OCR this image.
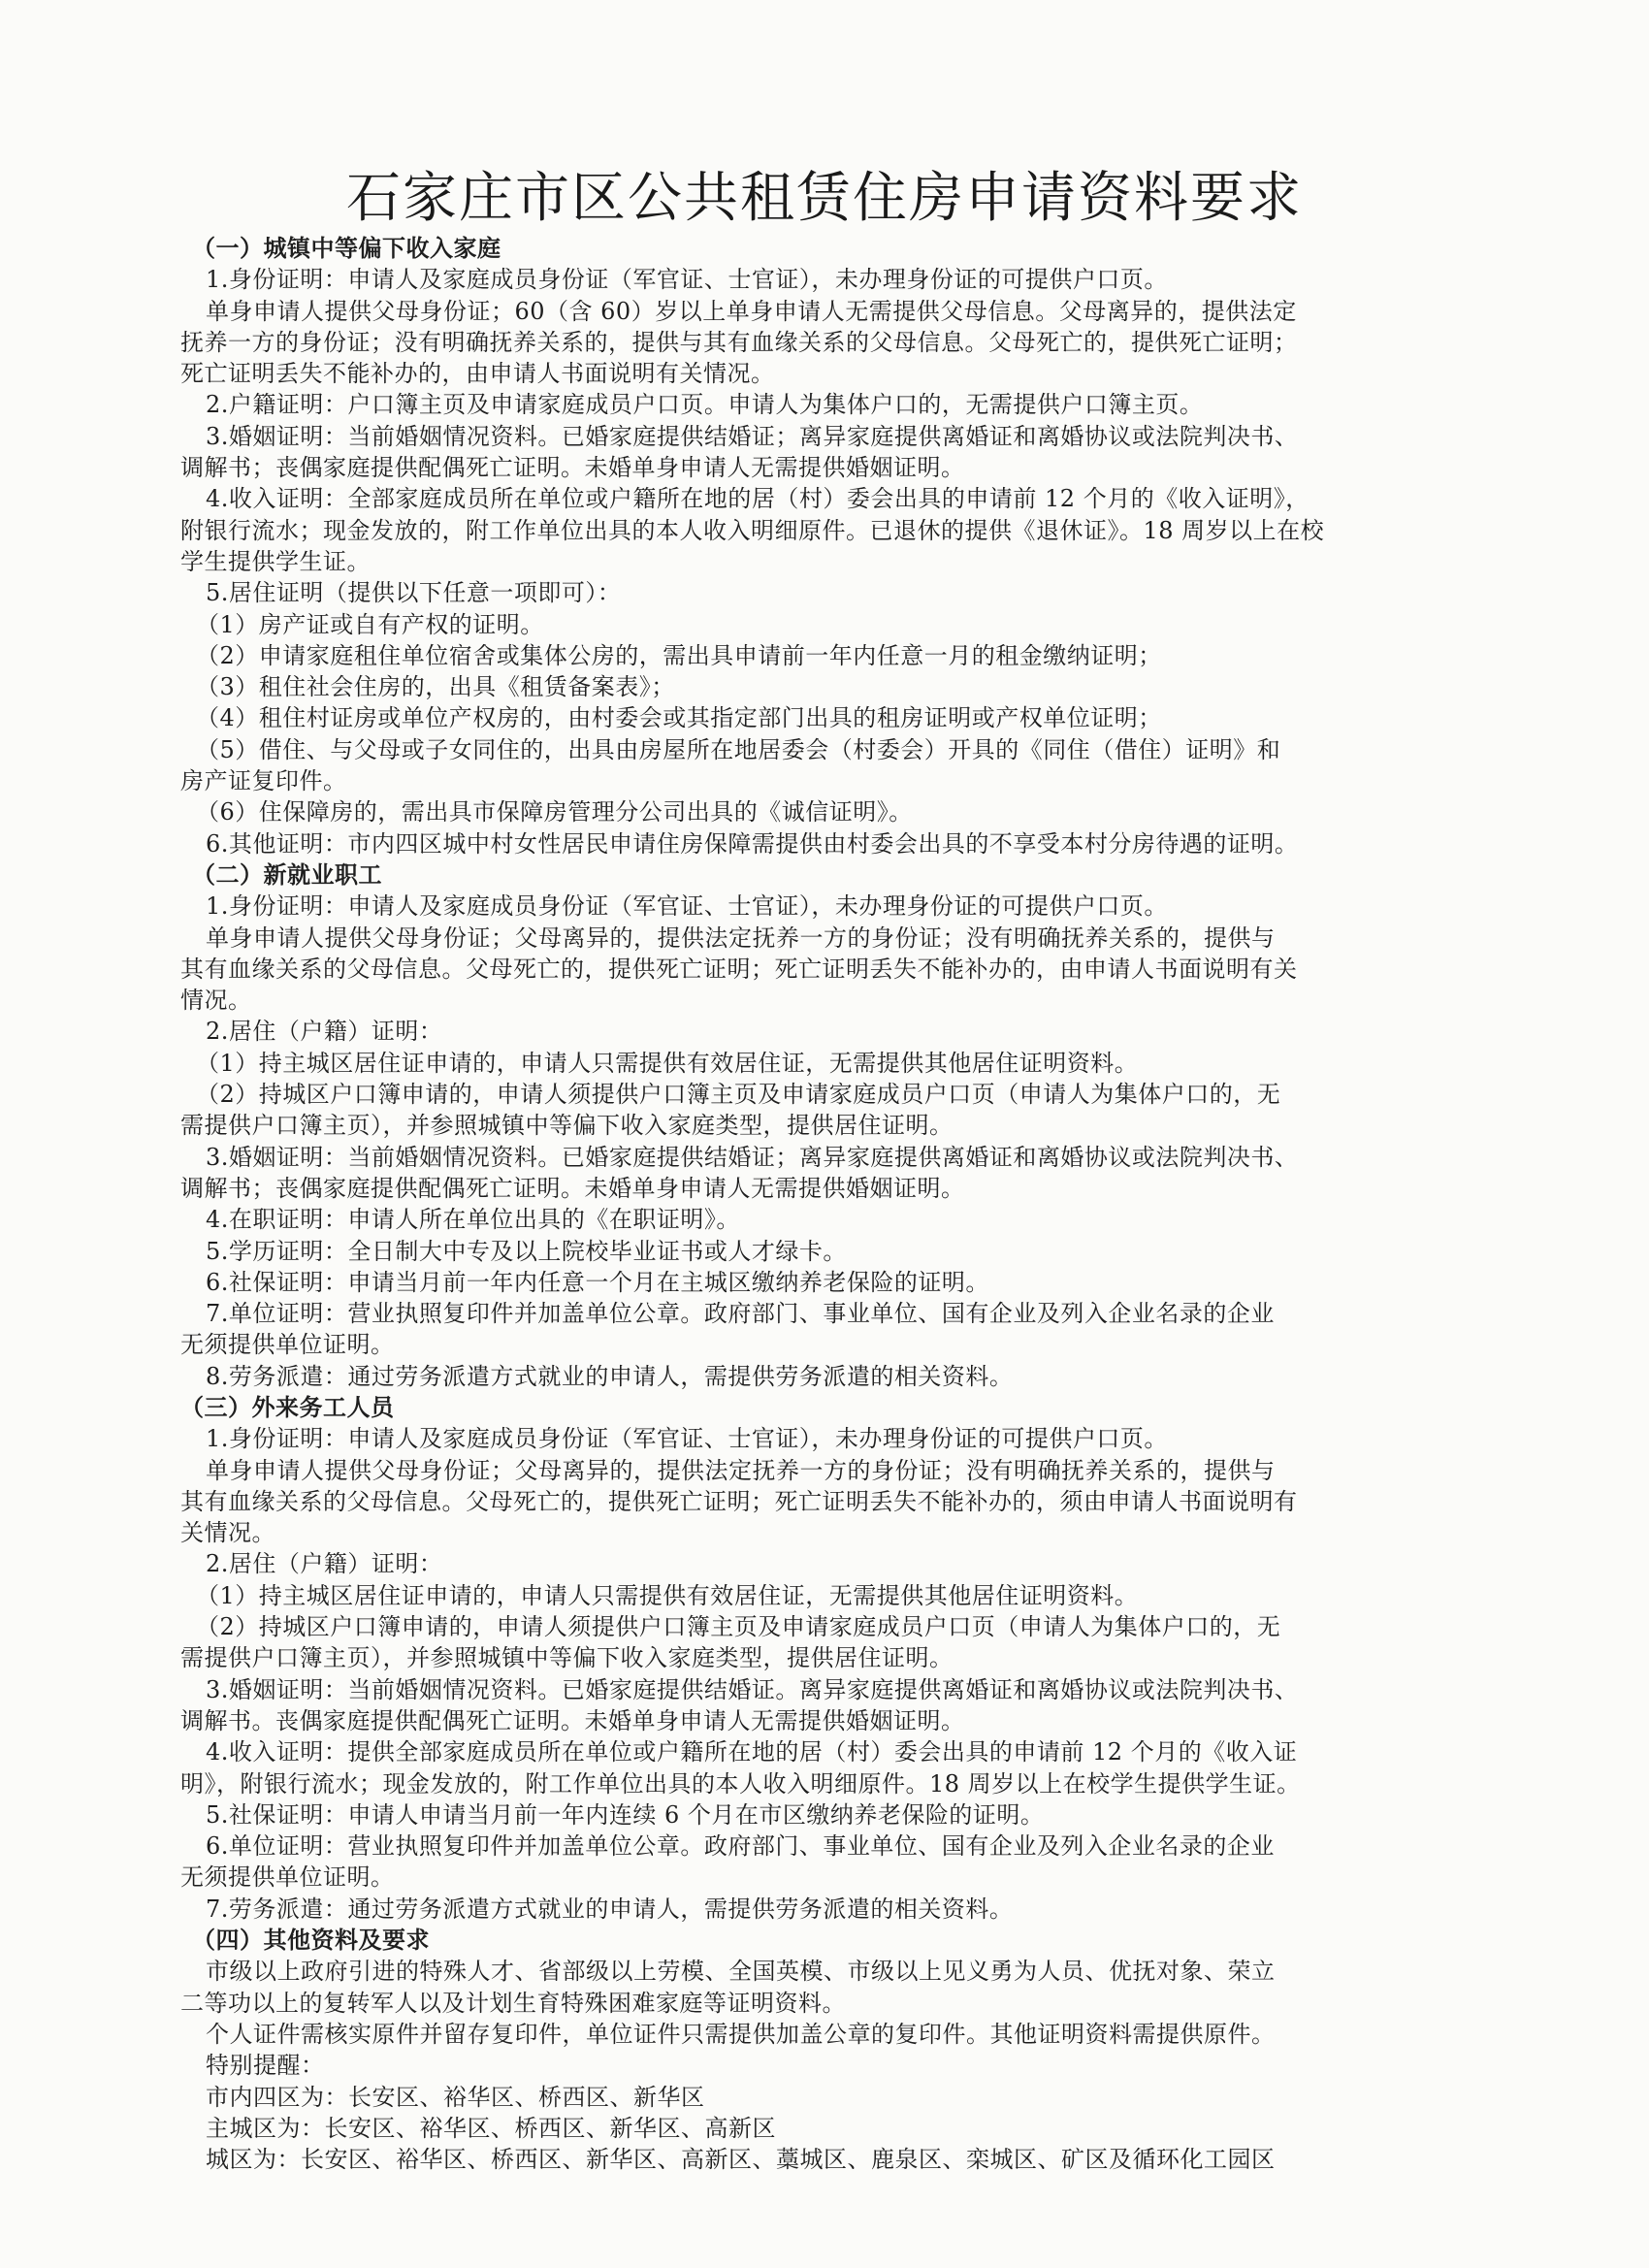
石家庄市区公共租赁住房申请资料要求
（一）城镇中等偏下收入家庭
1.身份证明：申请人及家庭成员身份证（军官证、士官证），未办理身份证的可提供户口页。
单身申请人提供父母身份证；60（含 60）岁以上单身申请人无需提供父母信息。父母离异的，提供法定
抚养一方的身份证；没有明确抚养关系的，提供与其有血缘关系的父母信息。父母死亡的，提供死亡证明；
死亡证明丢失不能补办的，由申请人书面说明有关情况。
2.户籍证明：户口簿主页及申请家庭成员户口页。申请人为集体户口的，无需提供户口簿主页。
3.婚姻证明：当前婚姻情况资料。已婚家庭提供结婚证；离异家庭提供离婚证和离婚协议或法院判决书、
调解书；丧偶家庭提供配偶死亡证明。未婚单身申请人无需提供婚姻证明。
4.收入证明：全部家庭成员所在单位或户籍所在地的居（村）委会出具的申请前 12 个月的《收入证明》，
附银行流水；现金发放的，附工作单位出具的本人收入明细原件。已退休的提供《退休证》。18 周岁以上在校
学生提供学生证。
5.居住证明（提供以下任意一项即可）：
（1）房产证或自有产权的证明。
（2）申请家庭租住单位宿舍或集体公房的，需出具申请前一年内任意一月的租金缴纳证明；
（3）租住社会住房的，出具《租赁备案表》；
（4）租住村证房或单位产权房的，由村委会或其指定部门出具的租房证明或产权单位证明；
（5）借住、与父母或子女同住的，出具由房屋所在地居委会（村委会）开具的《同住（借住）证明》和
房产证复印件。
（6）住保障房的，需出具市保障房管理分公司出具的《诚信证明》。
6.其他证明：市内四区城中村女性居民申请住房保障需提供由村委会出具的不享受本村分房待遇的证明。
（二）新就业职工
1.身份证明：申请人及家庭成员身份证（军官证、士官证），未办理身份证的可提供户口页。
单身申请人提供父母身份证；父母离异的，提供法定抚养一方的身份证；没有明确抚养关系的，提供与
其有血缘关系的父母信息。父母死亡的，提供死亡证明；死亡证明丢失不能补办的，由申请人书面说明有关
情况。
2.居住（户籍）证明：
（1）持主城区居住证申请的，申请人只需提供有效居住证，无需提供其他居住证明资料。
（2）持城区户口簿申请的，申请人须提供户口簿主页及申请家庭成员户口页（申请人为集体户口的，无
需提供户口簿主页），并参照城镇中等偏下收入家庭类型，提供居住证明。
3.婚姻证明：当前婚姻情况资料。已婚家庭提供结婚证；离异家庭提供离婚证和离婚协议或法院判决书、
调解书；丧偶家庭提供配偶死亡证明。未婚单身申请人无需提供婚姻证明。
4.在职证明：申请人所在单位出具的《在职证明》。
5.学历证明：全日制大中专及以上院校毕业证书或人才绿卡。
6.社保证明：申请当月前一年内任意一个月在主城区缴纳养老保险的证明。
7.单位证明：营业执照复印件并加盖单位公章。政府部门、事业单位、国有企业及列入企业名录的企业
无须提供单位证明。
8.劳务派遣：通过劳务派遣方式就业的申请人，需提供劳务派遣的相关资料。
（三）外来务工人员
1.身份证明：申请人及家庭成员身份证（军官证、士官证），未办理身份证的可提供户口页。
单身申请人提供父母身份证；父母离异的，提供法定抚养一方的身份证；没有明确抚养关系的，提供与
其有血缘关系的父母信息。父母死亡的，提供死亡证明；死亡证明丢失不能补办的，须由申请人书面说明有
关情况。
2.居住（户籍）证明：
（1）持主城区居住证申请的，申请人只需提供有效居住证，无需提供其他居住证明资料。
（2）持城区户口簿申请的，申请人须提供户口簿主页及申请家庭成员户口页（申请人为集体户口的，无
需提供户口簿主页），并参照城镇中等偏下收入家庭类型，提供居住证明。
3.婚姻证明：当前婚姻情况资料。已婚家庭提供结婚证。离异家庭提供离婚证和离婚协议或法院判决书、
调解书。丧偶家庭提供配偶死亡证明。未婚单身申请人无需提供婚姻证明。
4.收入证明：提供全部家庭成员所在单位或户籍所在地的居（村）委会出具的申请前 12 个月的《收入证
明》，附银行流水；现金发放的，附工作单位出具的本人收入明细原件。18 周岁以上在校学生提供学生证。
5.社保证明：申请人申请当月前一年内连续 6 个月在市区缴纳养老保险的证明。
6.单位证明：营业执照复印件并加盖单位公章。政府部门、事业单位、国有企业及列入企业名录的企业
无须提供单位证明。
7.劳务派遣：通过劳务派遣方式就业的申请人，需提供劳务派遣的相关资料。
（四）其他资料及要求
市级以上政府引进的特殊人才、省部级以上劳模、全国英模、市级以上见义勇为人员、优抚对象、荣立
二等功以上的复转军人以及计划生育特殊困难家庭等证明资料。
个人证件需核实原件并留存复印件，单位证件只需提供加盖公章的复印件。其他证明资料需提供原件。
特别提醒：
市内四区为：长安区、裕华区、桥西区、新华区
主城区为：长安区、裕华区、桥西区、新华区、高新区
城区为：长安区、裕华区、桥西区、新华区、高新区、藁城区、鹿泉区、栾城区、矿区及循环化工园区
